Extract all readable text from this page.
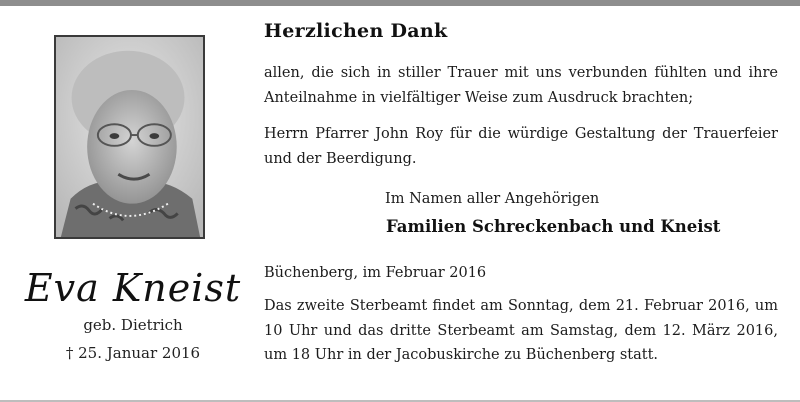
Eva Kneist
geb. Dietrich
† 25. Januar 2016
Herzlichen Dank
allen, die sich in stiller Trauer mit uns verbunden fühlten und ihre Anteilnahme in vielfältiger Weise zum Ausdruck brachten;
Herrn Pfarrer John Roy für die würdige Gestaltung der Trauerfeier und der Beerdigung.
Im Namen aller Angehörigen
Familien Schreckenbach und Kneist
Büchenberg, im Februar 2016
Das zweite Sterbeamt findet am Sonntag, dem 21. Februar 2016, um 10 Uhr und das dritte Sterbeamt am Samstag, dem 12. März 2016, um 18 Uhr in der Jacobuskirche zu Büchenberg statt.
